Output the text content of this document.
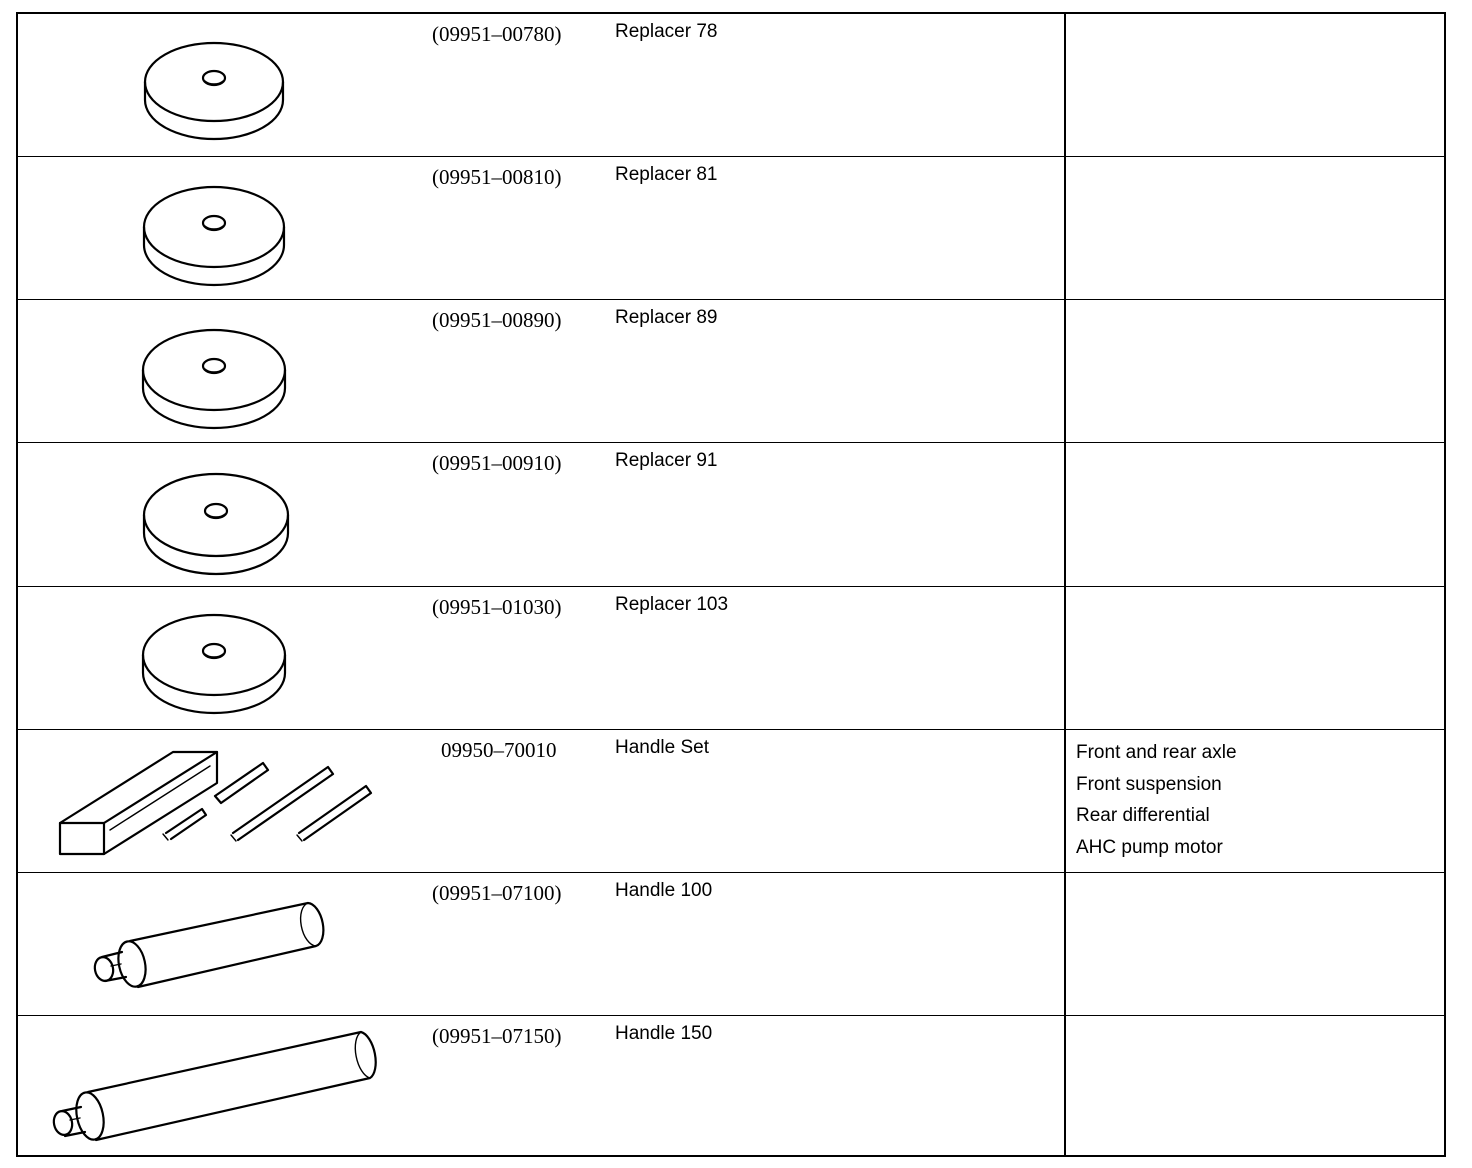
(09951–00780)	Replacer 78
(09951–00810)	Replacer 81
(09951–00890)	Replacer 89
(09951–00910)	Replacer 91
(09951–01030)	Replacer 103
09950–70010	Handle Set	Front and rear axle
Front suspension
Rear differential
AHC pump motor
(09951–07100)	Handle 100
(09951–07150)	Handle 150
